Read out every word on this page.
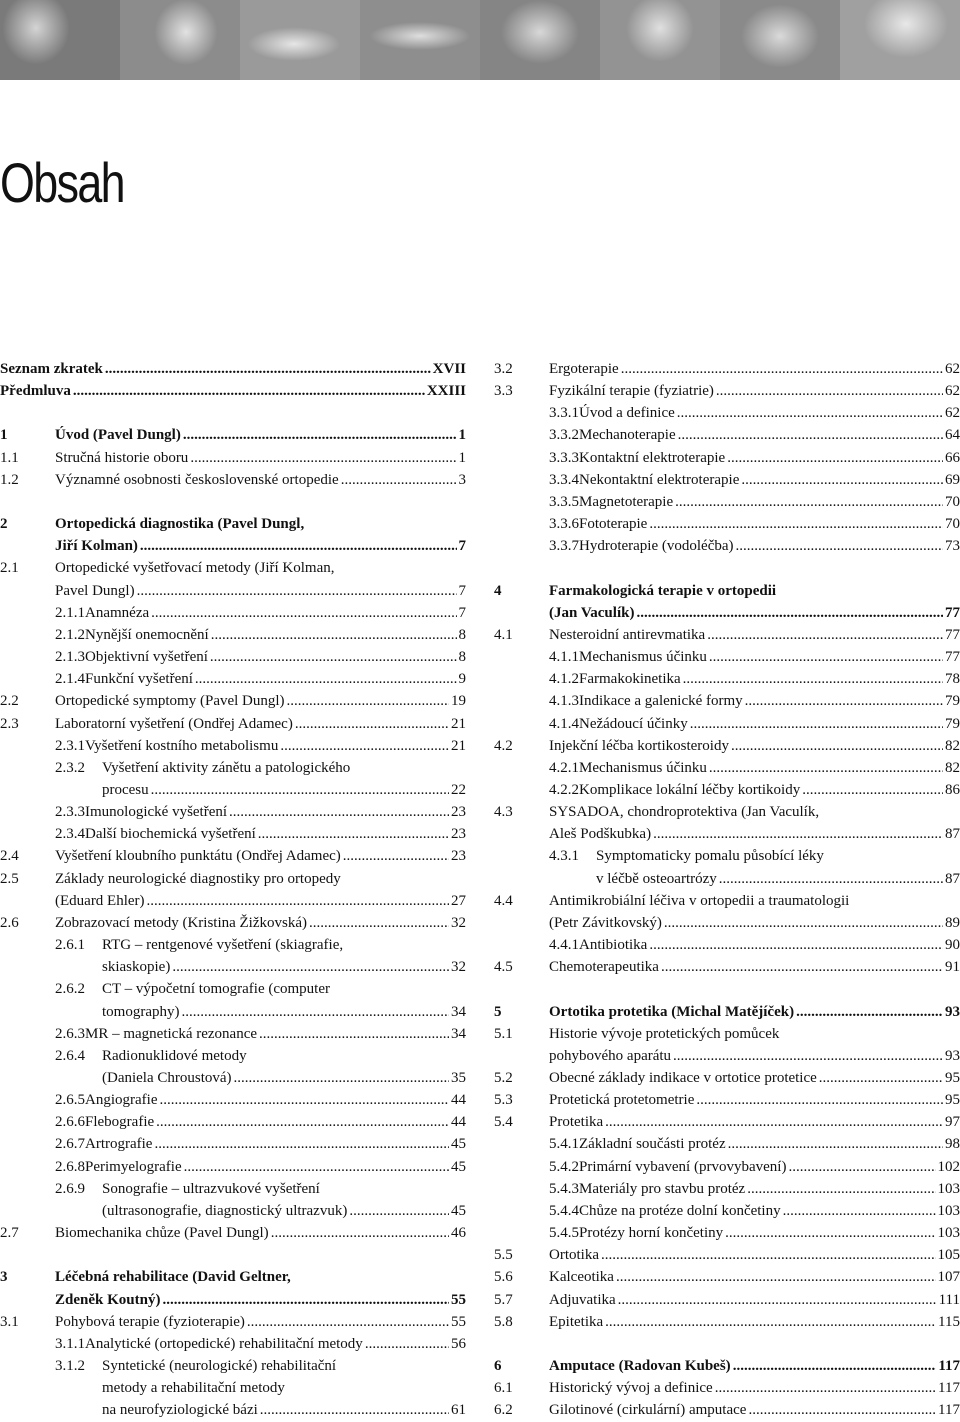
Obsah
Seznam zkratek .....	XVII
Předmluva .....	XXIII
1	Úvod (Pavel Dungl) .....	1
1.1 Stručná historie oboru .....	1
1.2 Významné osobnosti československé ortopedie .....	3
2	Ortopedická diagnostika (Pavel Dungl,
Jiří Kolman) .....	7
2.1 Ortopedické vyšetřovací metody (Jiří Kolman,
Pavel Dungl) .....	7
2.1.1 Anamnéza .....	7
2.1.2 Nynější onemocnění .....	8
2.1.3 Objektivní vyšetření .....	8
2.1.4 Funkční vyšetření .....	9
2.2 Ortopedické symptomy (Pavel Dungl) .....	19
2.3 Laboratorní vyšetření (Ondřej Adamec) .....	21
2.3.1 Vyšetření kostního metabolismu .....	21
2.3.2	Vyšetření aktivity zánětu a patologického
procesu .....	22
2.3.3 Imunologické vyšetření .....	23
2.3.4 Další biochemická vyšetření .....	23
2.4 Vyšetření kloubního punktátu (Ondřej Adamec) .....	23
2.5 Základy neurologické diagnostiky pro ortopedy
(Eduard Ehler) .....	27
2.6 Zobrazovací metody (Kristina Žižkovská) .....	32
2.6.1	RTG – rentgenové vyšetření (skiagrafie,
skiaskopie) .....	32
2.6.2	CT – výpočetní tomografie (computer
tomography) .....	34
2.6.3 MR – magnetická rezonance .....	34
2.6.4	Radionuklidové metody
(Daniela Chroustová) .....	35
2.6.5 Angiografie .....	44
2.6.6 Flebografie .....	44
2.6.7 Artrografie .....	45
2.6.8 Perimyelografie .....	45
2.6.9	Sonografie – ultrazvukové vyšetření
(ultrasonografie, diagnostický ultrazvuk) .....	45
2.7 Biomechanika chůze (Pavel Dungl) .....	46
3	Léčebná rehabilitace (David Geltner,
Zdeněk Koutný) .....	55
3.1 Pohybová terapie (fyzioterapie) .....	55
3.1.1 Analytické (ortopedické) rehabilitační metody .....	56
3.1.2	Syntetické (neurologické) rehabilitační
metody a rehabilitační metody
na neurofyziologické bázi .....	61
3.2 Ergoterapie .....	62
3.3 Fyzikální terapie (fyziatrie) .....	62
3.3.1 Úvod a definice .....	62
3.3.2 Mechanoterapie .....	64
3.3.3 Kontaktní elektroterapie .....	66
3.3.4 Nekontaktní elektroterapie .....	69
3.3.5 Magnetoterapie .....	70
3.3.6 Fototerapie .....	70
3.3.7 Hydroterapie (vodoléčba) .....	73
4	Farmakologická terapie v ortopedii
(Jan Vaculík) .....	77
4.1 Nesteroidní antirevmatika .....	77
4.1.1 Mechanismus účinku .....	77
4.1.2 Farmakokinetika .....	78
4.1.3 Indikace a galenické formy .....	79
4.1.4 Nežádoucí účinky .....	79
4.2 Injekční léčba kortikosteroidy .....	82
4.2.1 Mechanismus účinku .....	82
4.2.2 Komplikace lokální léčby kortikoidy .....	86
4.3 SYSADOA, chondroprotektiva (Jan Vaculík,
Aleš Podškubka) .....	87
4.3.1	Symptomaticky pomalu působící léky
v léčbě osteoartrózy .....	87
4.4 Antimikrobiální léčiva v ortopedii a traumatologii
(Petr Závitkovský) .....	89
4.4.1 Antibiotika .....	90
4.5 Chemoterapeutika .....	91
5	Ortotika protetika (Michal Matějíček) .....	93
5.1 Historie vývoje protetických pomůcek
pohybového aparátu .....	93
5.2 Obecné základy indikace v ortotice protetice .....	95
5.3 Protetická protetometrie .....	95
5.4 Protetika .....	97
5.4.1 Základní součásti protéz .....	98
5.4.2 Primární vybavení (prvovybavení) .....	102
5.4.3 Materiály pro stavbu protéz .....	103
5.4.4 Chůze na protéze dolní končetiny .....	103
5.4.5 Protézy horní končetiny .....	103
5.5 Ortotika .....	105
5.6 Kalceotika .....	107
5.7 Adjuvatika .....	111
5.8 Epitetika .....	115
6	Amputace (Radovan Kubeš) .....	117
6.1 Historický vývoj a definice .....	117
6.2 Gilotinové (cirkulární) amputace .....	117
